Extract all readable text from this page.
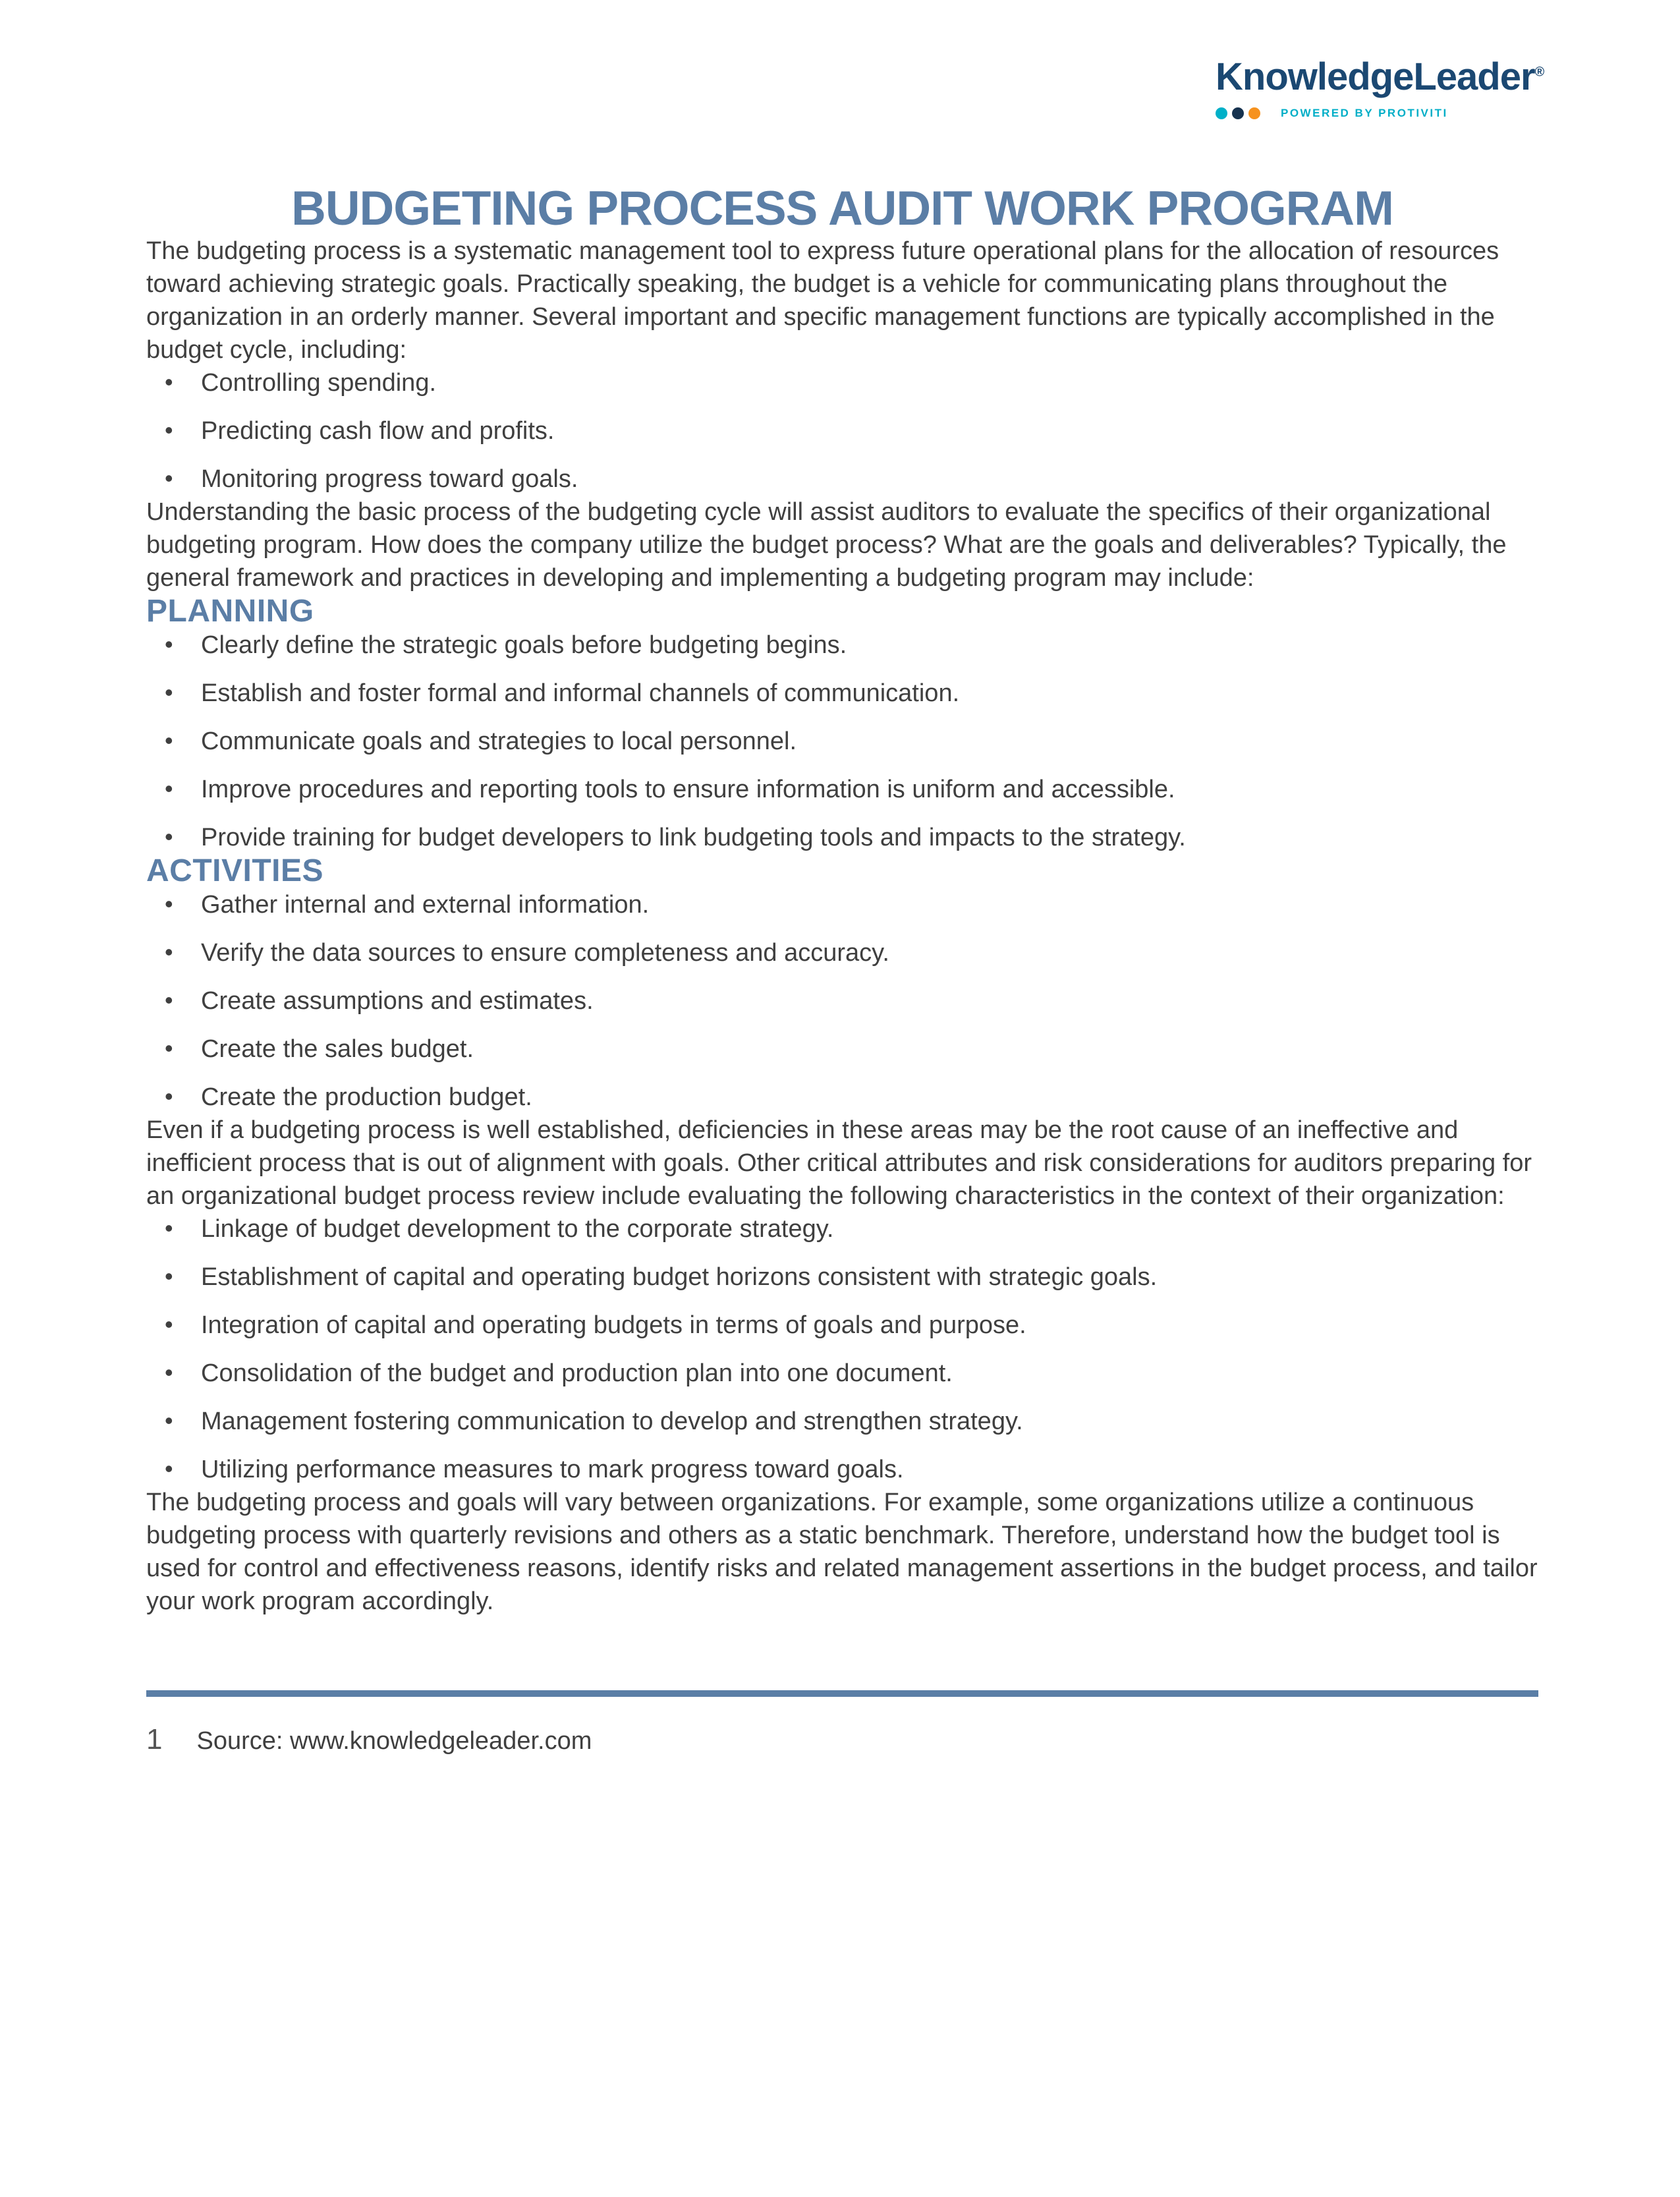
KnowledgeLeader®
POWERED BY PROTIVITI
BUDGETING PROCESS AUDIT WORK PROGRAM

The budgeting process is a systematic management tool to express future operational plans for the allocation of resources toward achieving strategic goals. Practically speaking, the budget is a vehicle for communicating plans throughout the organization in an orderly manner. Several important and specific management functions are typically accomplished in the budget cycle, including:

• Controlling spending.
• Predicting cash flow and profits.
• Monitoring progress toward goals.

Understanding the basic process of the budgeting cycle will assist auditors to evaluate the specifics of their organizational budgeting program. How does the company utilize the budget process? What are the goals and deliverables? Typically, the general framework and practices in developing and implementing a budgeting program may include:

PLANNING
• Clearly define the strategic goals before budgeting begins.
• Establish and foster formal and informal channels of communication.
• Communicate goals and strategies to local personnel.
• Improve procedures and reporting tools to ensure information is uniform and accessible.
• Provide training for budget developers to link budgeting tools and impacts to the strategy.
ACTIVITIES
• Gather internal and external information.
• Verify the data sources to ensure completeness and accuracy.
• Create assumptions and estimates.
• Create the sales budget.
• Create the production budget.

Even if a budgeting process is well established, deficiencies in these areas may be the root cause of an ineffective and inefficient process that is out of alignment with goals. Other critical attributes and risk considerations for auditors preparing for an organizational budget process review include evaluating the following characteristics in the context of their organization:

• Linkage of budget development to the corporate strategy.
• Establishment of capital and operating budget horizons consistent with strategic goals.
• Integration of capital and operating budgets in terms of goals and purpose.
• Consolidation of the budget and production plan into one document.
• Management fostering communication to develop and strengthen strategy.
• Utilizing performance measures to mark progress toward goals.

The budgeting process and goals will vary between organizations. For example, some organizations utilize a continuous budgeting process with quarterly revisions and others as a static benchmark. Therefore, understand how the budget tool is used for control and effectiveness reasons, identify risks and related management assertions in the budget process, and tailor your work program accordingly.

1 Source: www.knowledgeleader.com
